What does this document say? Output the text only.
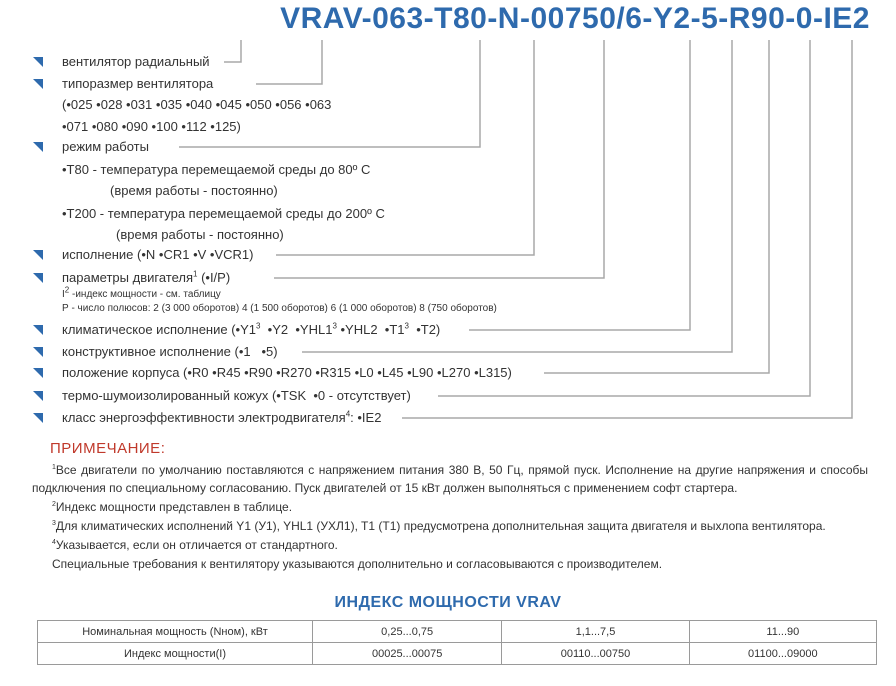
VRAV-063-T80-N-00750/6-Y2-5-R90-0-IE2
вентилятор радиальный
типоразмер вентилятора
(•025 •028 •031 •035 •040 •045 •050 •056 •063
•071 •080 •090 •100 •112 •125)
режим работы
•Т80 - температура перемещаемой среды до 80º С
(время работы - постоянно)
•Т200 - температура перемещаемой среды до 200º С
(время работы - постоянно)
исполнение (•N •CR1 •V •VCR1)
параметры двигателя$^1$ (•I/P)
$I^2$ -индекс мощности - см. таблицу
Р - число полюсов: 2 (3 000 оборотов) 4 (1 500 оборотов) 6 (1 000 оборотов) 8 (750 оборотов)
климатическое исполнение ($•Y1^3$  •Y2  $•YHL1^3$ •YHL2  $•T1^3$  •T2)
конструктивное исполнение (•1   •5)
положение корпуса (•R0 •R45 •R90 •R270 •R315 •L0 •L45 •L90 •L270 •L315)
термо-шумоизолированный кожух (•TSK  •0 - отсутствует)
класс энергоэффективности электродвигателя$^4$: •IE2
ПРИМЕЧАНИЕ:

$^1$Все двигатели по умолчанию поставляются с напряжением питания 380 В, 50 Гц, прямой пуск. Исполнение на другие напряжения и способы подключения по специальному согласованию. Пуск двигателей от 15 кВт должен выполняться с применением софт стартера.

$^2$Индекс мощности представлен в таблице.

$^3$Для климатических исполнений Y1 (У1), YHL1 (УХЛ1), T1 (Т1) предусмотрена дополнительная защита двигателя и выхлопа вентилятора.

$^4$Указывается, если он отличается от стандартного.

Специальные требования к вентилятору указываются дополнительно и согласовываются с производителем.

ИНДЕКС МОЩНОСТИ VRAV
Номинальная мощность (Nном), кВт	0,25...0,75	1,1...7,5	11...90
Индекс мощности(I)	00025...00075	00110...00750	01100...09000
